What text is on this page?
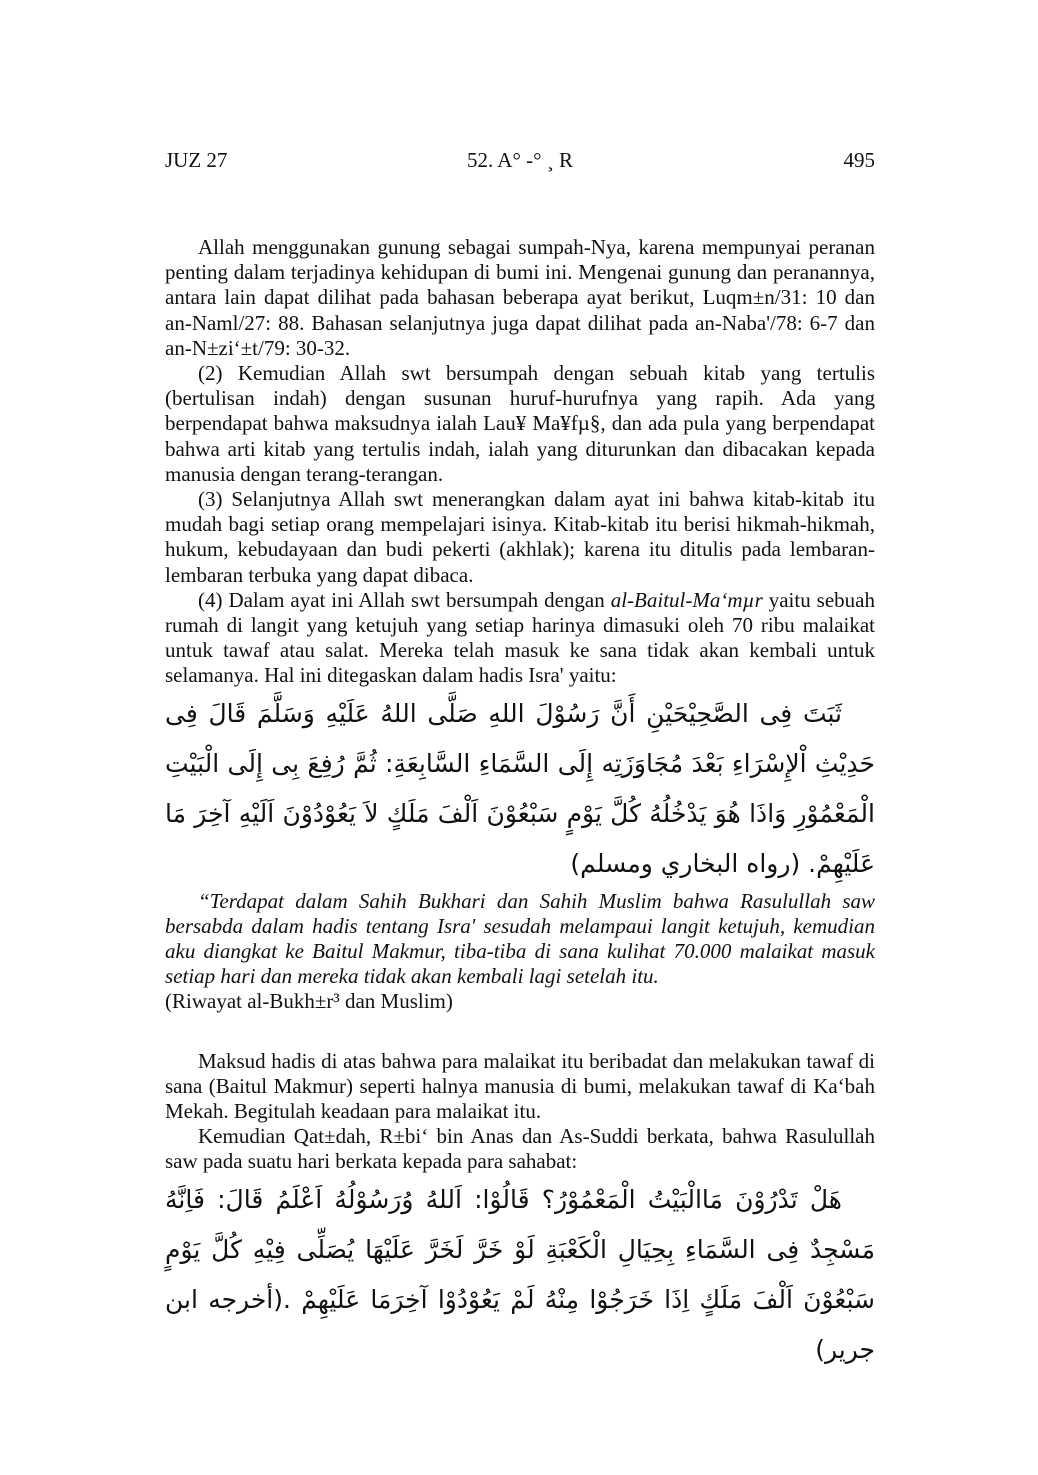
JUZ 27	52. A° -° ¸ R	495

Allah menggunakan gunung sebagai sumpah-Nya, karena mempunyai peranan penting dalam terjadinya kehidupan di bumi ini. Mengenai gunung dan peranannya, antara lain dapat dilihat pada bahasan beberapa ayat berikut, Luqm±n/31: 10 dan an-Naml/27: 88. Bahasan selanjutnya juga dapat dilihat pada an-Naba'/78: 6-7 dan an-N±zi‘±t/79: 30-32.

(2) Kemudian Allah swt bersumpah dengan sebuah kitab yang tertulis (bertulisan indah) dengan susunan huruf-hurufnya yang rapih. Ada yang berpendapat bahwa maksudnya ialah Lau¥ Ma¥fµ§, dan ada pula yang berpendapat bahwa arti kitab yang tertulis indah, ialah yang diturunkan dan dibacakan kepada manusia dengan terang-terangan.

(3) Selanjutnya Allah swt menerangkan dalam ayat ini bahwa kitab-kitab itu mudah bagi setiap orang mempelajari isinya. Kitab-kitab itu berisi hikmah-hikmah, hukum, kebudayaan dan budi pekerti (akhlak); karena itu ditulis pada lembaran-lembaran terbuka yang dapat dibaca.

(4) Dalam ayat ini Allah swt bersumpah dengan al-Baitul-Ma‘mµr yaitu sebuah rumah di langit yang ketujuh yang setiap harinya dimasuki oleh 70 ribu malaikat untuk tawaf atau salat. Mereka telah masuk ke sana tidak akan kembali untuk selamanya. Hal ini ditegaskan dalam hadis Isra' yaitu:

ثَبَتَ فِى الصَّحِيْحَيْنِ أَنَّ رَسُوْلَ اللهِ صَلَّى اللهُ عَلَيْهِ وَسَلَّمَ قَالَ فِى حَدِيْثِ اْلإِسْرَاءِ بَعْدَ مُجَاوَزَتِه إِلَى السَّمَاءِ السَّابِعَةِ: ثُمَّ رُفِعَ بِى إِلَى الْبَيْتِ الْمَعْمُوْرِ وَاذَا هُوَ يَدْخُلُهُ كُلَّ يَوْمٍ سَبْعُوْنَ اَلْفَ مَلَكٍ لاَ يَعُوْدُوْنَ اَلَيْهِ آخِرَ مَا عَلَيْهِمْ. (رواه البخاري ومسلم)

“Terdapat dalam Sahih Bukhari dan Sahih Muslim bahwa Rasulullah saw bersabda dalam hadis tentang Isra' sesudah melampaui langit ketujuh, kemudian aku diangkat ke Baitul Makmur, tiba-tiba di sana kulihat 70.000 malaikat masuk setiap hari dan mereka tidak akan kembali lagi setelah itu.
(Riwayat al-Bukh±r³ dan Muslim)

Maksud hadis di atas bahwa para malaikat itu beribadat dan melakukan tawaf di sana (Baitul Makmur) seperti halnya manusia di bumi, melakukan tawaf di Ka‘bah Mekah. Begitulah keadaan para malaikat itu.

Kemudian Qat±dah, R±bi‘ bin Anas dan As-Suddi berkata, bahwa Rasulullah saw pada suatu hari berkata kepada para sahabat:

هَلْ تَدْرُوْنَ مَاالْبَيْتُ الْمَعْمُوْرُ؟ قَالُوْا: اَللهُ وُرَسُوْلُهُ اَعْلَمُ قَالَ: فَاِنَّهُ مَسْجِدٌ فِى السَّمَاءِ بِحِيَالِ الْكَعْبَةِ لَوْ خَرَّ لَخَرَّ عَلَيْهَا يُصَلِّى فِيْهِ كُلَّ يَوْمٍ سَبْعُوْنَ اَلْفَ مَلَكٍ اِذَا خَرَجُوْا مِنْهُ لَمْ يَعُوْدُوْا آخِرَمَا عَلَيْهِمْ .(أخرجه ابن جرير)
